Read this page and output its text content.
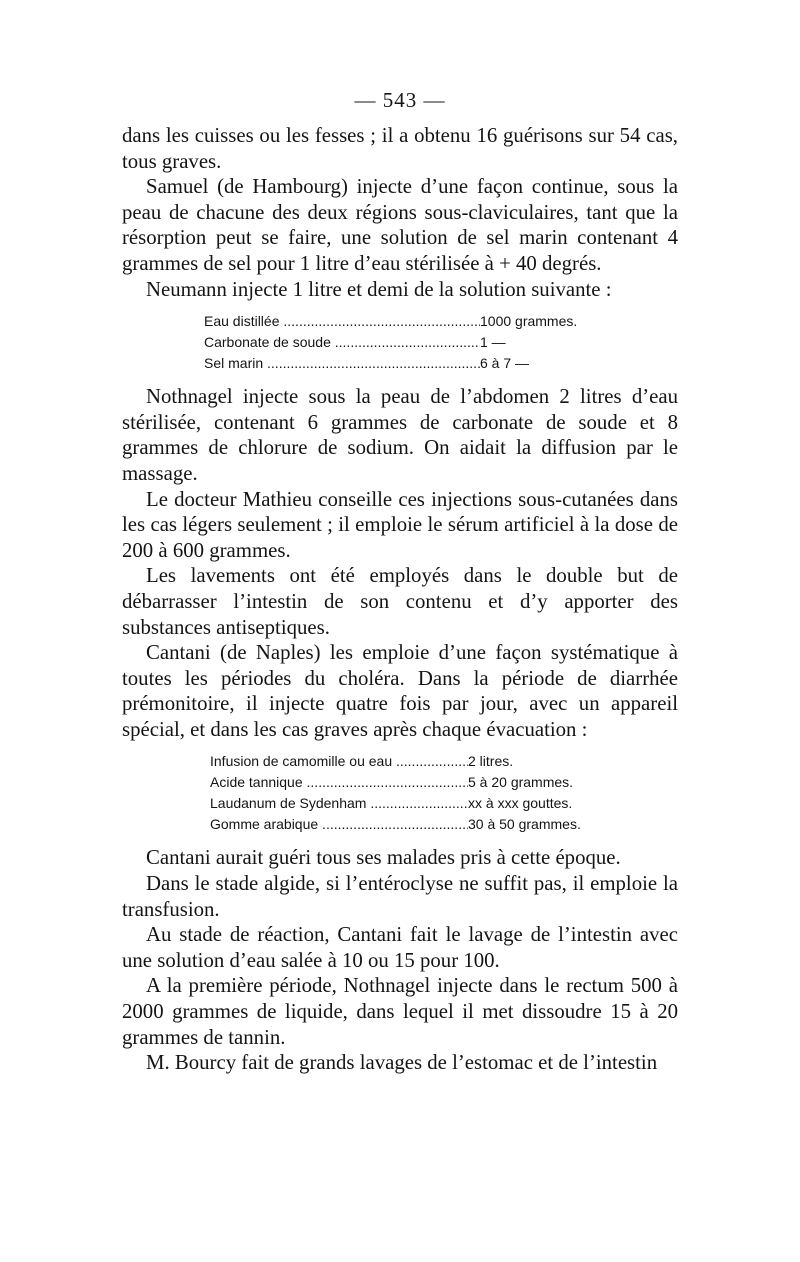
— 543 —

dans les cuisses ou les fesses ; il a obtenu 16 guérisons sur 54 cas, tous graves.

Samuel (de Hambourg) injecte d’une façon continue, sous la peau de chacune des deux régions sous-claviculaires, tant que la résorption peut se faire, une solution de sel marin contenant 4 grammes de sel pour 1 litre d’eau stérilisée à + 40 degrés.

Neumann injecte 1 litre et demi de la solution suivante :

Eau distillée .....	1000 grammes.
Carbonate de soude .....	1 —
Sel marin .....	6 à 7 —

Nothnagel injecte sous la peau de l’abdomen 2 litres d’eau stérilisée, contenant 6 grammes de carbonate de soude et 8 grammes de chlorure de sodium. On aidait la diffusion par le massage.

Le docteur Mathieu conseille ces injections sous-cutanées dans les cas légers seulement ; il emploie le sérum artificiel à la dose de 200 à 600 grammes.

Les lavements ont été employés dans le double but de débarrasser l’intestin de son contenu et d’y apporter des substances antiseptiques.

Cantani (de Naples) les emploie d’une façon systématique à toutes les périodes du choléra. Dans la période de diarrhée prémonitoire, il injecte quatre fois par jour, avec un appareil spécial, et dans les cas graves après chaque évacuation :

Infusion de camomille ou eau .....	2 litres.
Acide tannique .....	5 à 20 grammes.
Laudanum de Sydenham .....	xx à xxx gouttes.
Gomme arabique .....	30 à 50 grammes.

Cantani aurait guéri tous ses malades pris à cette époque.

Dans le stade algide, si l’entéroclyse ne suffit pas, il emploie la transfusion.

Au stade de réaction, Cantani fait le lavage de l’intestin avec une solution d’eau salée à 10 ou 15 pour 100.

A la première période, Nothnagel injecte dans le rectum 500 à 2000 grammes de liquide, dans lequel il met dissoudre 15 à 20 grammes de tannin.

M. Bourcy fait de grands lavages de l’estomac et de l’intestin
